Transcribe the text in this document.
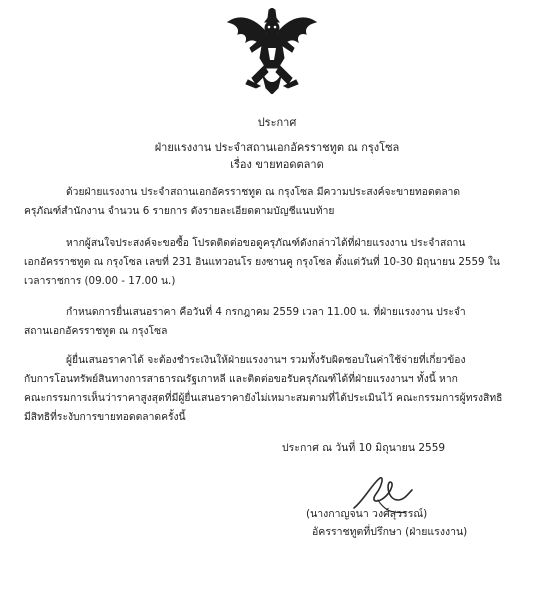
ประกาศ
ฝ่ายแรงงาน ประจำสถานเอกอัครราชทูต ณ กรุงโซล
เรื่อง ขายทอดตลาด
ด้วยฝ่ายแรงงาน ประจำสถานเอกอัครราชทูต ณ กรุงโซล มีความประสงค์จะขายทอดตลาด
ครุภัณฑ์สำนักงาน จำนวน 6 รายการ ดังรายละเอียดตามบัญชีแนบท้าย
หากผู้สนใจประสงค์จะขอซื้อ โปรดติดต่อขอดูครุภัณฑ์ดังกล่าวได้ที่ฝ่ายแรงงาน ประจำสถาน
เอกอัครราชทูต ณ กรุงโซล เลขที่ 231 อินแทวอนโร ยงซานคู กรุงโซล ตั้งแต่วันที่ 10-30 มิถุนายน 2559 ใน
เวลาราชการ (09.00 - 17.00 น.)
กำหนดการยื่นเสนอราคา คือวันที่ 4 กรกฎาคม 2559 เวลา 11.00 น. ที่ฝ่ายแรงงาน ประจำ
สถานเอกอัครราชทูต ณ กรุงโซล
ผู้ยื่นเสนอราคาได้ จะต้องชำระเงินให้ฝ่ายแรงงานฯ รวมทั้งรับผิดชอบในค่าใช้จ่ายที่เกี่ยวข้อง
กับการโอนทรัพย์สินทางการสาธารณรัฐเกาหลี และติดต่อขอรับครุภัณฑ์ได้ที่ฝ่ายแรงงานฯ ทั้งนี้ หาก
คณะกรรมการเห็นว่าราคาสูงสุดที่มีผู้ยื่นเสนอราคายังไม่เหมาะสมตามที่ได้ประเมินไว้ คณะกรรมการผู้ทรงสิทธิ
มีสิทธิที่ระงับการขายทอดตลาดครั้งนี้
ประกาศ ณ วันที่ 10 มิถุนายน 2559
(นางกาญจนา วงศ์สุวรรณ์)
อัครราชทูตที่ปรึกษา (ฝ่ายแรงงาน)
